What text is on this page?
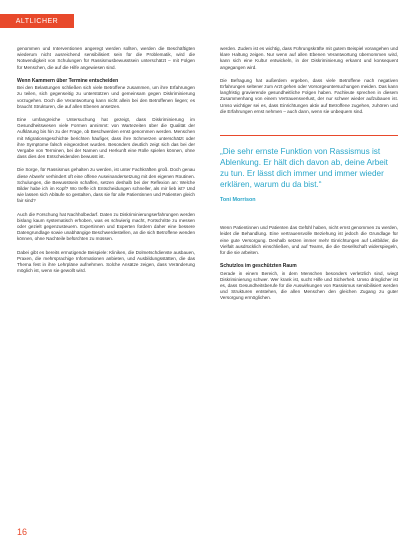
ALTLICHER

genommen und Interventionen angeregt werden sollten, werden die Beschäftigten wiederum nicht ausreichend sensibilisiert sein für die Problematik, wird die Notwendigkeit von Schulungen für Rassismusbewusstsein unterschätzt – mit Folgen für Menschen, die auf die Hilfe angewiesen sind.

Wenn Kammern über Termine entscheiden

Bei den Belastungen schließen sich viele Betroffene zusammen, um ihre Erfahrungen zu teilen, sich gegenseitig zu unterstützen und gemeinsam gegen Diskriminierung vorzugehen. Doch die Verantwortung kann nicht allein bei den Betroffenen liegen; es braucht Strukturen, die auf allen Ebenen ansetzen.

Eine umfangreiche Untersuchung hat gezeigt, dass Diskriminierung im Gesundheitswesen viele Formen annimmt: von Wartezeiten über die Qualität der Aufklärung bis hin zu der Frage, ob Beschwerden ernst genommen werden. Menschen mit Migrationsgeschichte berichten häufiger, dass ihre Schmerzen unterschätzt oder ihre Symptome falsch eingeordnet wurden. Besonders deutlich zeigt sich das bei der Vergabe von Terminen, bei der Namen und Herkunft eine Rolle spielen können, ohne dass dies den Entscheidenden bewusst ist.

Die Sorge, für Rassismus gehalten zu werden, ist unter Fachkräften groß. Doch genau diese Abwehr verhindert oft eine offene Auseinandersetzung mit den eigenen Routinen. Schulungen, die Bewusstsein schaffen, setzen deshalb bei der Reflexion an: Welche Bilder habe ich im Kopf? Wo treffe ich Entscheidungen schneller, als mir lieb ist? Und wie lassen sich Abläufe so gestalten, dass sie für alle Patientinnen und Patienten gleich fair sind?

Auch die Forschung hat Nachholbedarf. Daten zu Diskriminierungserfahrungen werden bislang kaum systematisch erhoben, was es schwierig macht, Fortschritte zu messen oder gezielt gegenzusteuern. Expertinnen und Experten fordern daher eine bessere Datengrundlage sowie unabhängige Beschwerdestellen, an die sich Betroffene wenden können, ohne Nachteile befürchten zu müssen.

Dabei gibt es bereits ermutigende Beispiele: Kliniken, die Dolmetschdienste ausbauen, Praxen, die mehrsprachige Informationen anbieten, und Ausbildungsstätten, die das Thema fest in ihre Lehrpläne aufnehmen. Solche Ansätze zeigen, dass Veränderung möglich ist, wenn sie gewollt wird.

werden. Zudem ist es wichtig, dass Führungskräfte mit gutem Beispiel vorangehen und klare Haltung zeigen. Nur wenn auf allen Ebenen Verantwortung übernommen wird, kann sich eine Kultur entwickeln, in der Diskriminierung erkannt und konsequent angegangen wird.

Die Befragung hat außerdem ergeben, dass viele Betroffene nach negativen Erfahrungen seltener zum Arzt gehen oder Vorsorgeuntersuchungen meiden. Das kann langfristig gravierende gesundheitliche Folgen haben. Fachleute sprechen in diesem Zusammenhang von einem Vertrauensverlust, der nur schwer wieder aufzubauen ist. Umso wichtiger sei es, dass Einrichtungen aktiv auf Betroffene zugehen, zuhören und die Erfahrungen ernst nehmen – auch dann, wenn sie unbequem sind.

„Die sehr ernste Funktion von Rassismus ist Ablenkung. Er hält dich davon ab, deine Arbeit zu tun. Er lässt dich immer und immer wieder erklären, warum du da bist.“

Toni Morrison

Wenn Patientinnen und Patienten das Gefühl haben, nicht ernst genommen zu werden, leidet die Behandlung. Eine vertrauensvolle Beziehung ist jedoch die Grundlage für eine gute Versorgung. Deshalb setzen immer mehr Einrichtungen auf Leitbilder, die Vielfalt ausdrücklich einschließen, und auf Teams, die die Gesellschaft widerspiegeln, für die sie arbeiten.

Schutzlos im geschützten Raum

Gerade in einem Bereich, in dem Menschen besonders verletzlich sind, wiegt Diskriminierung schwer. Wer krank ist, sucht Hilfe und Sicherheit. Umso dringlicher ist es, dass Gesundheitsberufe für die Auswirkungen von Rassismus sensibilisiert werden und Strukturen entstehen, die allen Menschen den gleichen Zugang zu guter Versorgung ermöglichen.

16
